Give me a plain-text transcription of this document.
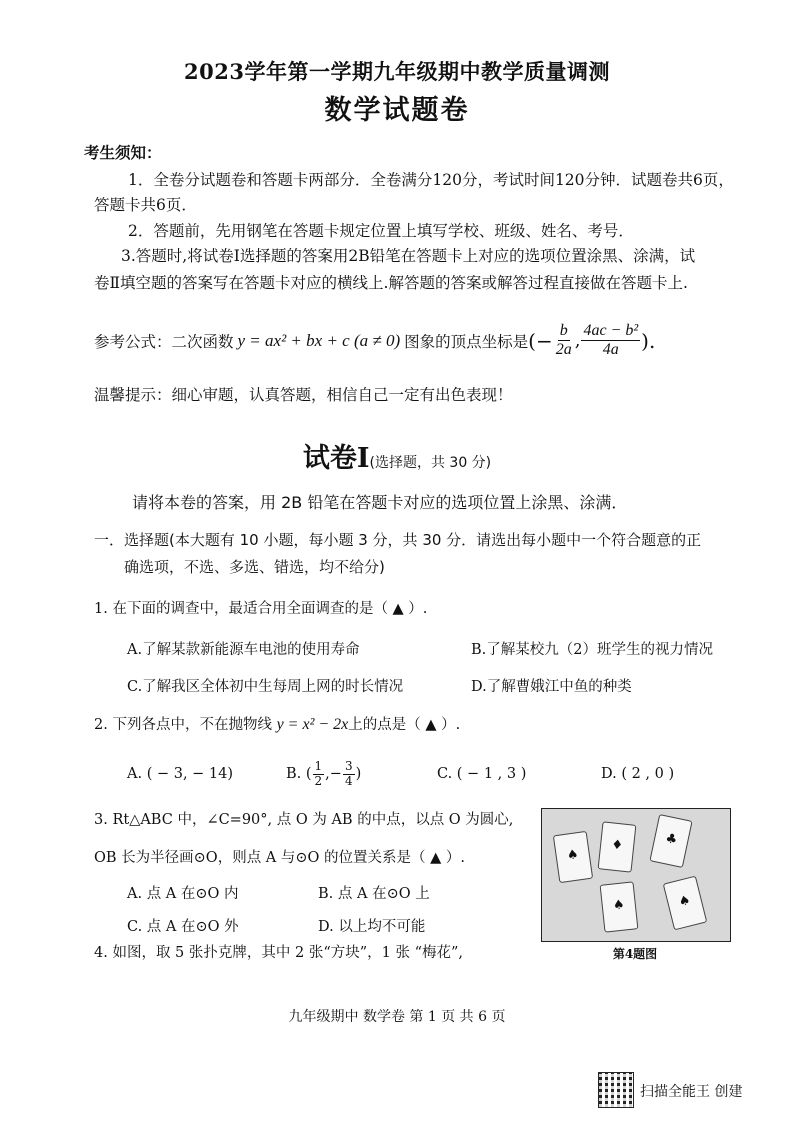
2023学年第一学期九年级期中教学质量调测
数学试题卷
考生须知：
1．全卷分试题卷和答题卡两部分．全卷满分120分，考试时间120分钟．试题卷共6页，
答题卡共6页．
2．答题前，先用钢笔在答题卡规定位置上填写学校、班级、姓名、考号．
3.答题时,将试卷Ⅰ选择题的答案用2B铅笔在答题卡上对应的选项位置涂黑、涂满，试
卷Ⅱ填空题的答案写在答题卡对应的横线上.解答题的答案或解答过程直接做在答题卡上.
参考公式：二次函数 y = ax² + bx + c (a ≠ 0) 图象的顶点坐标是 (− $\frac{b}{2a}$ , $\frac{\text{4ac − b²}}{4a}$ ).
温馨提示：细心审题，认真答题，相信自己一定有出色表现！
试卷Ⅰ(选择题，共 30 分)
请将本卷的答案，用 2B 铅笔在答题卡对应的选项位置上涂黑、涂满．
一．选择题(本大题有 10 小题，每小题 3 分，共 30 分．请选出每小题中一个符合题意的正
确选项，不选、多选、错选，均不给分)
1. 在下面的调查中，最适合用全面调查的是（ ▲ ）.
A.了解某款新能源车电池的使用寿命	B.了解某校九（2）班学生的视力情况
C.了解我区全体初中生每周上网的时长情况	D.了解曹娥江中鱼的种类
2. 下列各点中，不在抛物线 y = x² − 2x上的点是（ ▲ ）.
A. ( − 3, − 14)	B. ( $\frac{1}{2}$ ,− $\frac{3}{4}$ )	C. ( − 1 , 3 )	D. ( 2 , 0 )
3. Rt△ABC 中，∠C=90°, 点 O 为 AB 的中点，以点 O 为圆心,
OB 长为半径画⊙O，则点 A 与⊙O 的位置关系是（ ▲ ）.
A. 点 A 在⊙O 内	B. 点 A 在⊙O 上
C. 点 A 在⊙O 外	D. 以上均不可能
4. 如图，取 5 张扑克牌，其中 2 张“方块”，1 张 “梅花”,
♠
♦	♣
♠	♠
第4题图
九年级期中 数学卷 第 1 页 共 6 页
扫描全能王 创建
